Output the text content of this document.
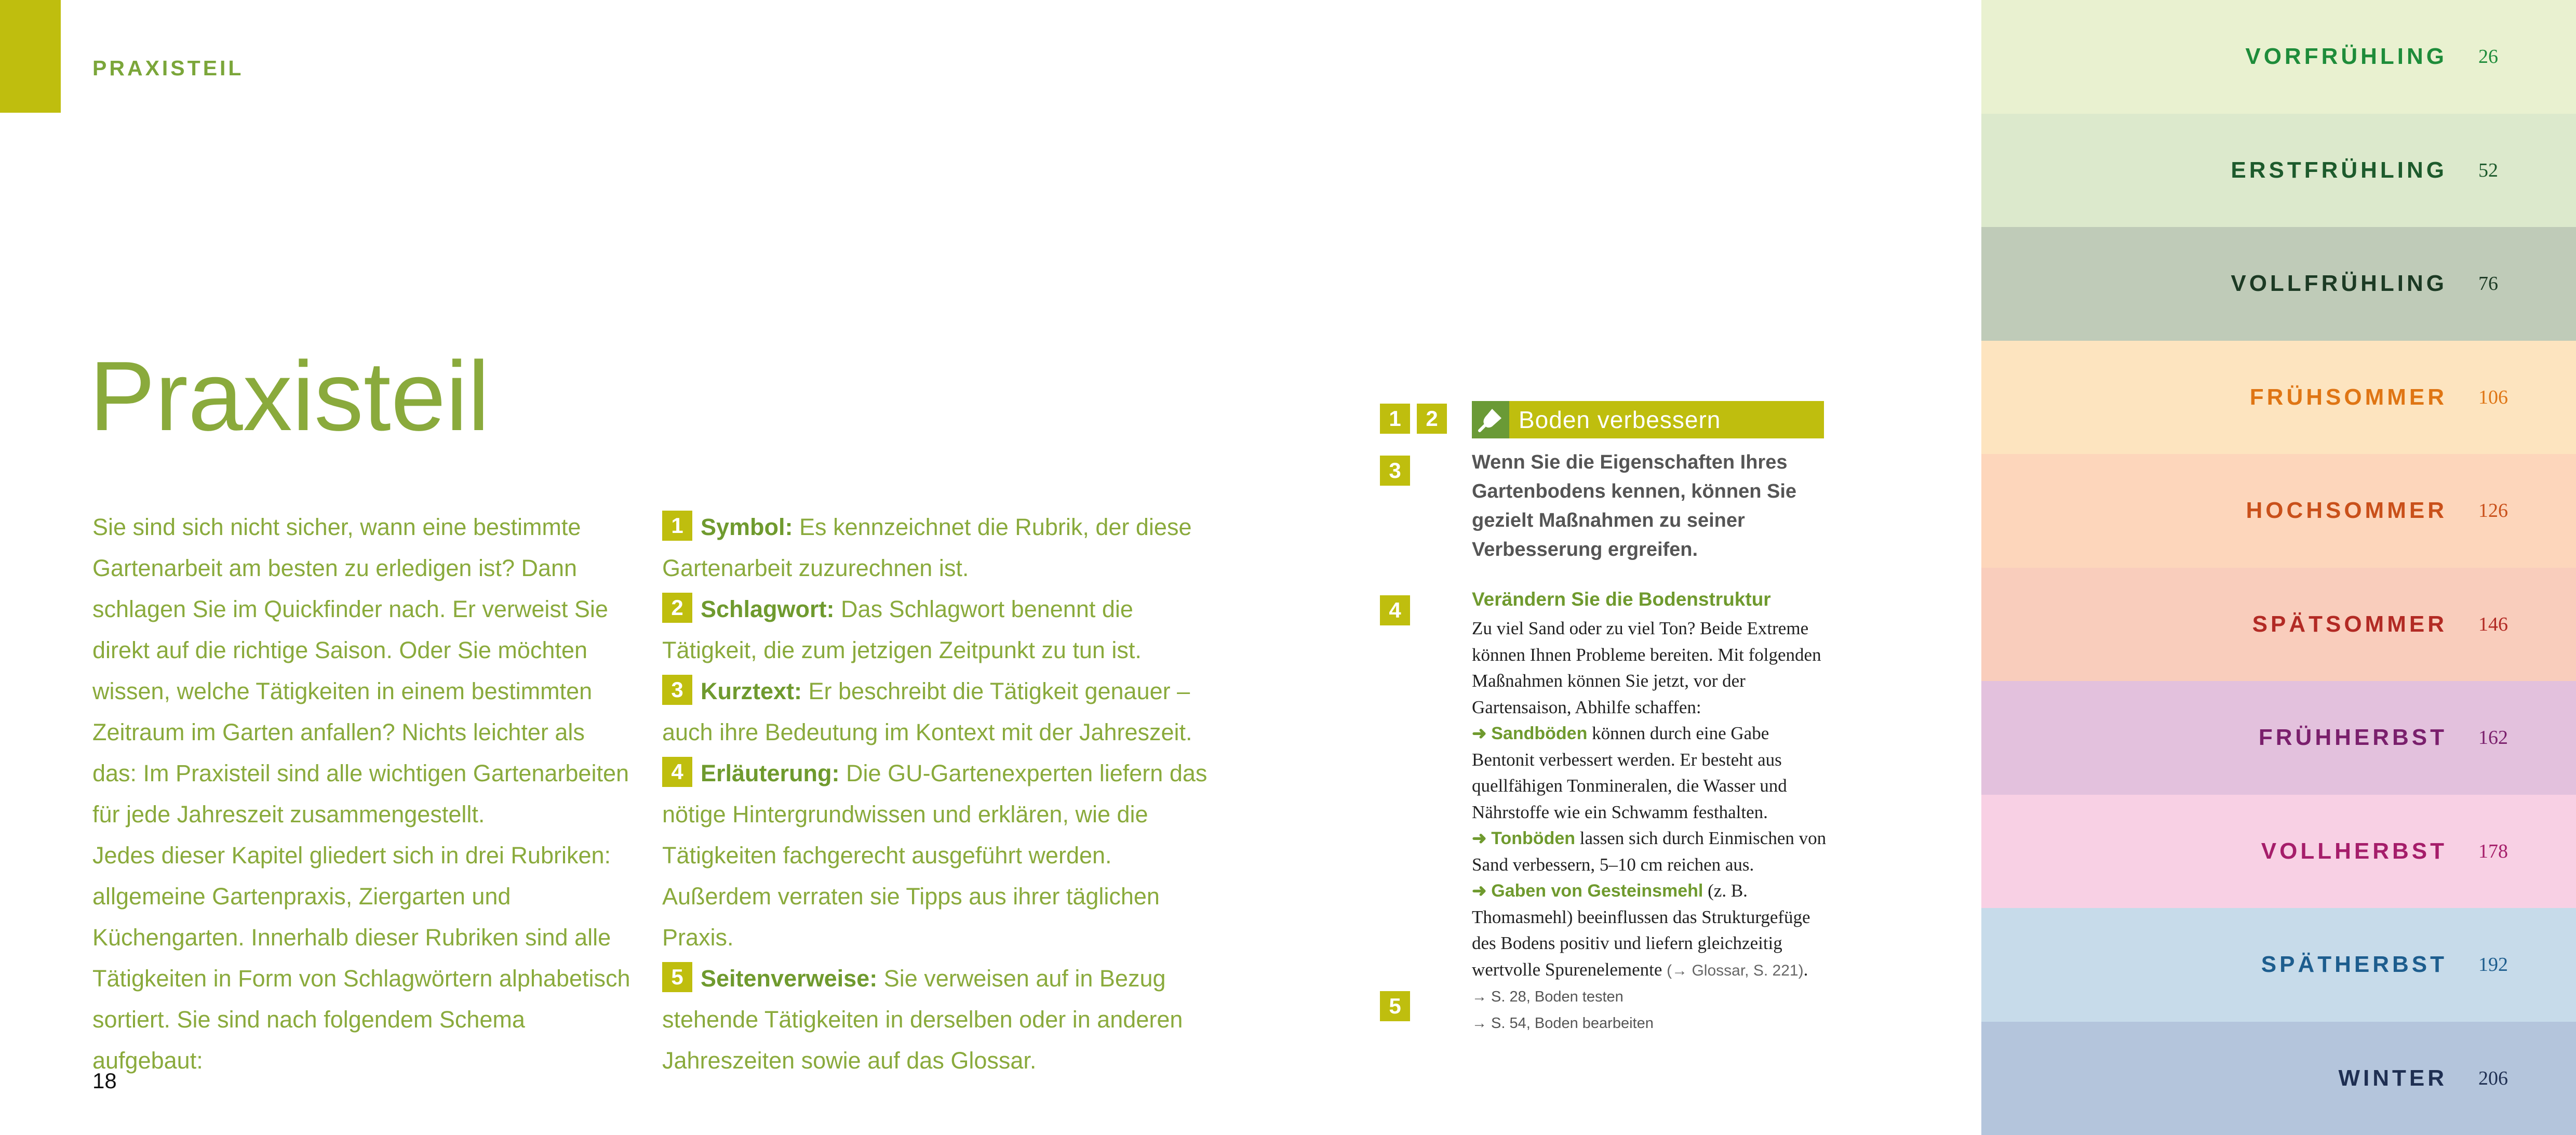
PRAXISTEIL
Praxisteil
Sie sind sich nicht sicher, wann eine bestimmte Gartenarbeit am besten zu erledigen ist? Dann schlagen Sie im Quickfinder nach. Er verweist Sie direkt auf die richtige Saison. Oder Sie möchten wissen, welche Tätigkeiten in einem bestimmten Zeitraum im Garten anfallen? Nichts leichter als das: Im Praxisteil sind alle wichtigen Gartenarbeiten für jede Jahreszeit zusammengestellt.
Jedes dieser Kapitel gliedert sich in drei Rubriken: allgemeine Gartenpraxis, Ziergarten und Küchengarten. Innerhalb dieser Rubriken sind alle Tätigkeiten in Form von Schlagwörtern alphabetisch sortiert. Sie sind nach folgendem Schema aufgebaut:
1 Symbol: Es kennzeichnet die Rubrik, der diese Gartenarbeit zuzurechnen ist.
2 Schlagwort: Das Schlagwort benennt die Tätigkeit, die zum jetzigen Zeitpunkt zu tun ist.
3 Kurztext: Er beschreibt die Tätigkeit genauer – auch ihre Bedeutung im Kontext mit der Jahreszeit.
4 Erläuterung: Die GU-Gartenexperten liefern das nötige Hintergrundwissen und erklären, wie die Tätigkeiten fachgerecht ausgeführt werden. Außerdem verraten sie Tipps aus ihrer täglichen Praxis.
5 Seitenverweise: Sie verweisen auf in Bezug stehende Tätigkeiten in derselben oder in anderen Jahreszeiten sowie auf das Glossar.
1	2
3
4
5
Boden verbessern

Wenn Sie die Eigenschaften Ihres Gartenbodens kennen, können Sie gezielt Maßnahmen zu seiner Verbesserung ergreifen.

Verändern Sie die Bodenstruktur

Zu viel Sand oder zu viel Ton? Beide Extreme können Ihnen Probleme bereiten. Mit folgenden Maßnahmen können Sie jetzt, vor der Gartensaison, Abhilfe schaffen:
➜ Sandböden können durch eine Gabe Bentonit verbessert werden. Er besteht aus quellfähigen Tonmineralen, die Wasser und Nährstoffe wie ein Schwamm festhalten.
➜ Tonböden lassen sich durch Einmischen von Sand verbessern, 5–10 cm reichen aus.
➜ Gaben von Gesteinsmehl (z. B. Thomasmehl) beeinflussen das Strukturgefüge des Bodens positiv und liefern gleichzeitig wertvolle Spurenelemente (→ Glossar, S. 221).
→ S. 28, Boden testen
→ S. 54, Boden bearbeiten
18
VORFRÜHLING 26
ERSTFRÜHLING 52
VOLLFRÜHLING 76
FRÜHSOMMER 106
HOCHSOMMER 126
SPÄTSOMMER 146
FRÜHHERBST 162
VOLLHERBST 178
SPÄTHERBST 192
WINTER 206
